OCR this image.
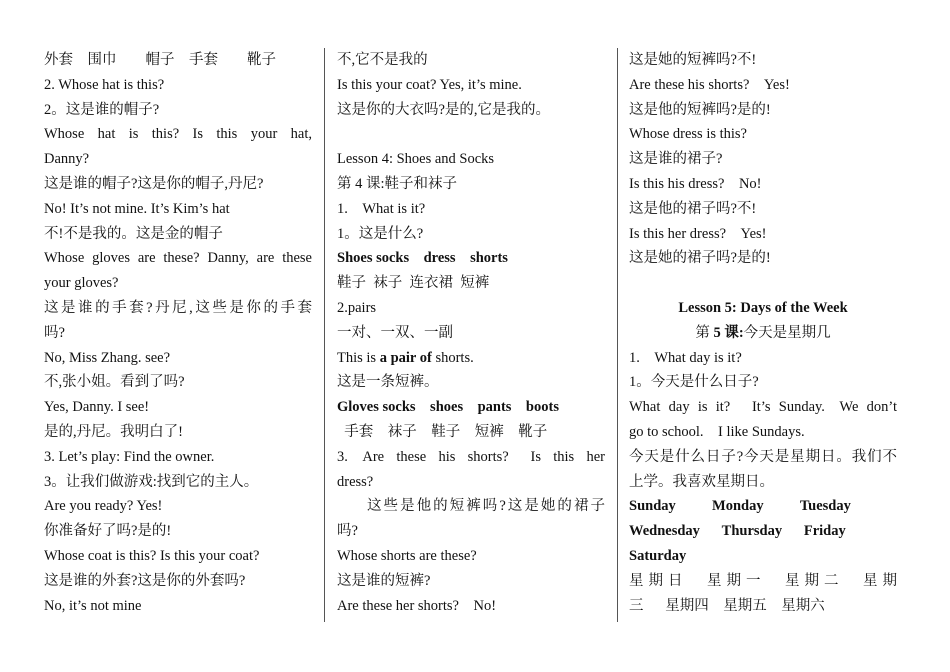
外套　围巾　　帽子　手套　　靴子
2. Whose hat is this?
2。这是谁的帽子?
Whose hat is this? Is this your hat,
Danny?
这是谁的帽子?这是你的帽子,丹尼?
No! It’s not mine. It’s Kim’s hat
不!不是我的。这是金的帽子
Whose gloves are these? Danny, are these
your gloves?
这是谁的手套?丹尼,这些是你的手套
吗?
No, Miss Zhang. see?
不,张小姐。看到了吗?
Yes, Danny. I see!
是的,丹尼。我明白了!
3. Let’s play: Find the owner.
3。让我们做游戏:找到它的主人。
Are you ready? Yes!
你准备好了吗?是的!
Whose coat is this? Is this your coat?
这是谁的外套?这是你的外套吗?
No, it’s not mine
不,它不是我的
Is this your coat? Yes, it’s mine.
这是你的大衣吗?是的,它是我的。
Lesson 4: Shoes and Socks
第 4 课:鞋子和袜子
1.  What is it?
1。这是什么?
Shoes socks  dress  shorts
鞋子 袜子 连衣裙 短裤
2.pairs
一对、一双、一副
This is a pair of shorts.
这是一条短裤。
Gloves socks  shoes  pants  boots
 手套  袜子  鞋子  短裤  靴子
3.  Are these his shorts?   Is this her
dress?
这些是他的短裤吗?这是她的裙子
吗?
Whose shorts are these?
这是谁的短裤?
Are these her shorts?  No!
这是她的短裤吗?不!
Are these his shorts?  Yes!
这是他的短裤吗?是的!
Whose dress is this?
这是谁的裙子?
Is this his dress?  No!
这是他的裙子吗?不!
Is this her dress?  Yes!
这是她的裙子吗?是的!
Lesson 5: Days of the Week
第 5 课:今天是星期几
1.  What day is it?
1。今天是什么日子?
What day is it?   It’s Sunday.  We don’t
go to school.  I like Sundays.
今天是什么日子?今天是星期日。我们不
上学。我喜欢星期日。
Sunday     Monday     Tuesday
Wednesday   Thursday   Friday
Saturday
星期日  星期一  星期二  星期
三   星期四  星期五  星期六
